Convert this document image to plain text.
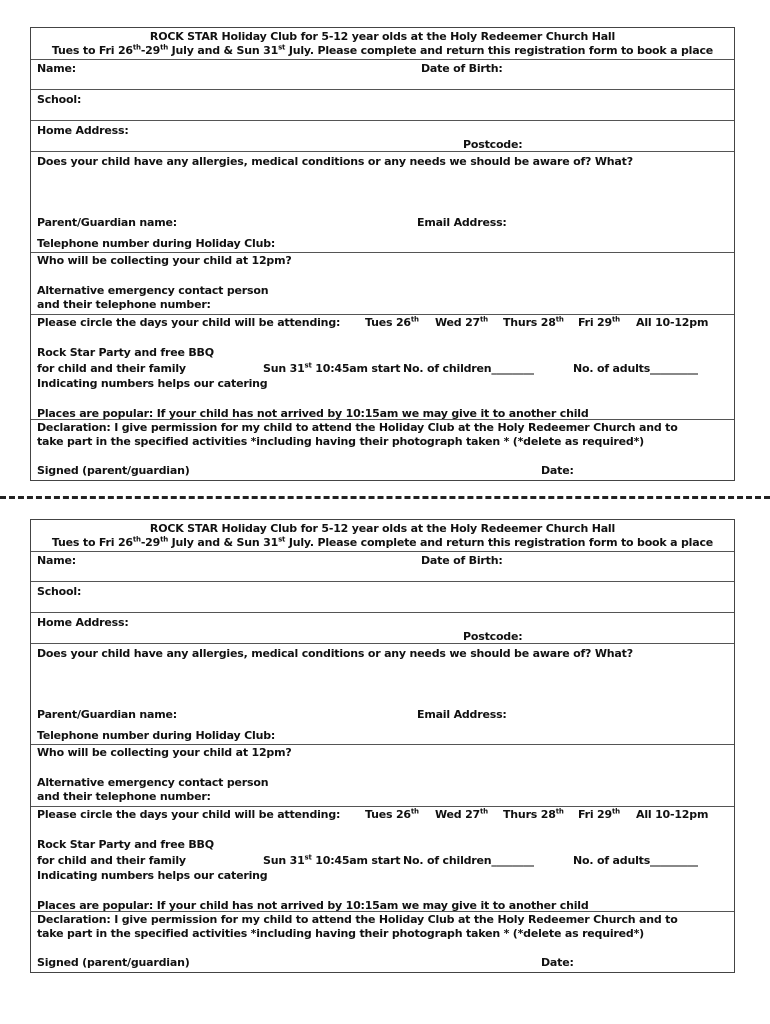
ROCK STAR Holiday Club for 5-12 year olds at the Holy Redeemer Church Hall
Tues to Fri 26th-29th July and & Sun 31st July. Please complete and return this registration form to book a place
Name:	Date of Birth:
School:
Home Address:
Postcode:
Does your child have any allergies, medical conditions or any needs we should be aware of? What?
Parent/Guardian name:	Email Address:
Telephone number during Holiday Club:
Who will be collecting your child at 12pm?
Alternative emergency contact person
and their telephone number:
Please circle the days your child will be attending: Tues 26th Wed 27th Thurs 28th Fri 29th All 10-12pm
Rock Star Party and free BBQ
for child and their family	Sun 31st 10:45am start No. of children________	No. of adults_________
Indicating numbers helps our catering
Places are popular: If your child has not arrived by 10:15am we may give it to another child
Declaration: I give permission for my child to attend the Holiday Club at the Holy Redeemer Church and to
take part in the specified activities *including having their photograph taken * (*delete as required*)
Signed (parent/guardian)	Date:
ROCK STAR Holiday Club for 5-12 year olds at the Holy Redeemer Church Hall
Tues to Fri 26th-29th July and & Sun 31st July. Please complete and return this registration form to book a place
Name:	Date of Birth:
School:
Home Address:
Postcode:
Does your child have any allergies, medical conditions or any needs we should be aware of? What?
Parent/Guardian name:	Email Address:
Telephone number during Holiday Club:
Who will be collecting your child at 12pm?
Alternative emergency contact person
and their telephone number:
Please circle the days your child will be attending: Tues 26th Wed 27th Thurs 28th Fri 29th All 10-12pm
Rock Star Party and free BBQ
for child and their family	Sun 31st 10:45am start No. of children________	No. of adults_________
Indicating numbers helps our catering
Places are popular: If your child has not arrived by 10:15am we may give it to another child
Declaration: I give permission for my child to attend the Holiday Club at the Holy Redeemer Church and to
take part in the specified activities *including having their photograph taken * (*delete as required*)
Signed (parent/guardian)	Date:
